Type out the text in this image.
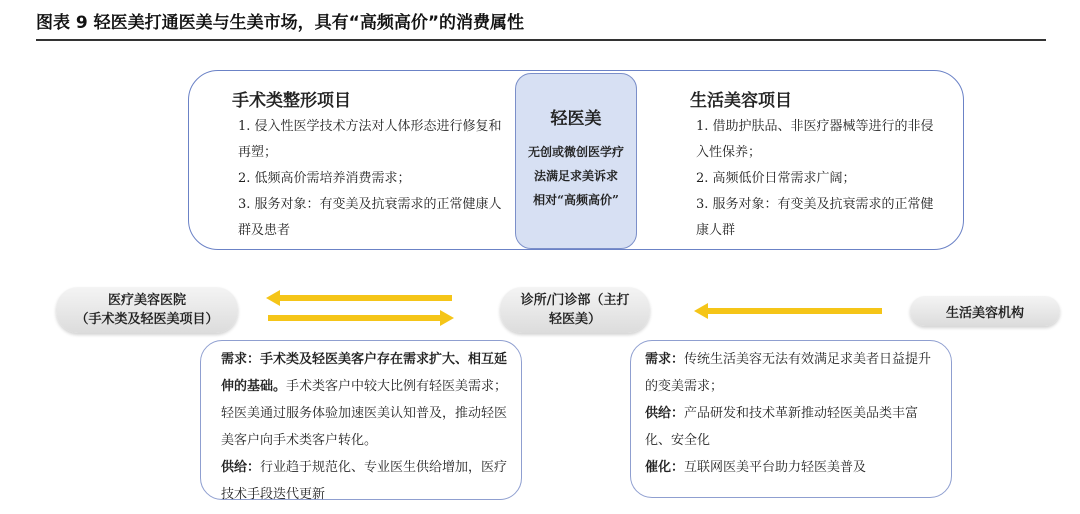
图表 9 轻医美打通医美与生美市场，具有“高频高价”的消费属性
手术类整形项目
1. 侵入性医学技术方法对人体形态进行修复和再塑；
2. 低频高价需培养消费需求；
3. 服务对象：有变美及抗衰需求的正常健康人群及患者
轻医美
无创或微创医学疗
法满足求美诉求
相对“高频高价”
生活美容项目
1. 借助护肤品、非医疗器械等进行的非侵入性保养；
2. 高频低价日常需求广阔；
3. 服务对象：有变美及抗衰需求的正常健康人群
医疗美容医院
（手术类及轻医美项目）
诊所/门诊部（主打
轻医美）	生活美容机构

需求：手术类及轻医美客户存在需求扩大、相互延伸的基础。手术类客户中较大比例有轻医美需求；轻医美通过服务体验加速医美认知普及，推动轻医美客户向手术类客户转化。

供给：行业趋于规范化、专业医生供给增加，医疗技术手段迭代更新

需求：传统生活美容无法有效满足求美者日益提升的变美需求；

供给：产品研发和技术革新推动轻医美品类丰富化、安全化

催化：互联网医美平台助力轻医美普及
